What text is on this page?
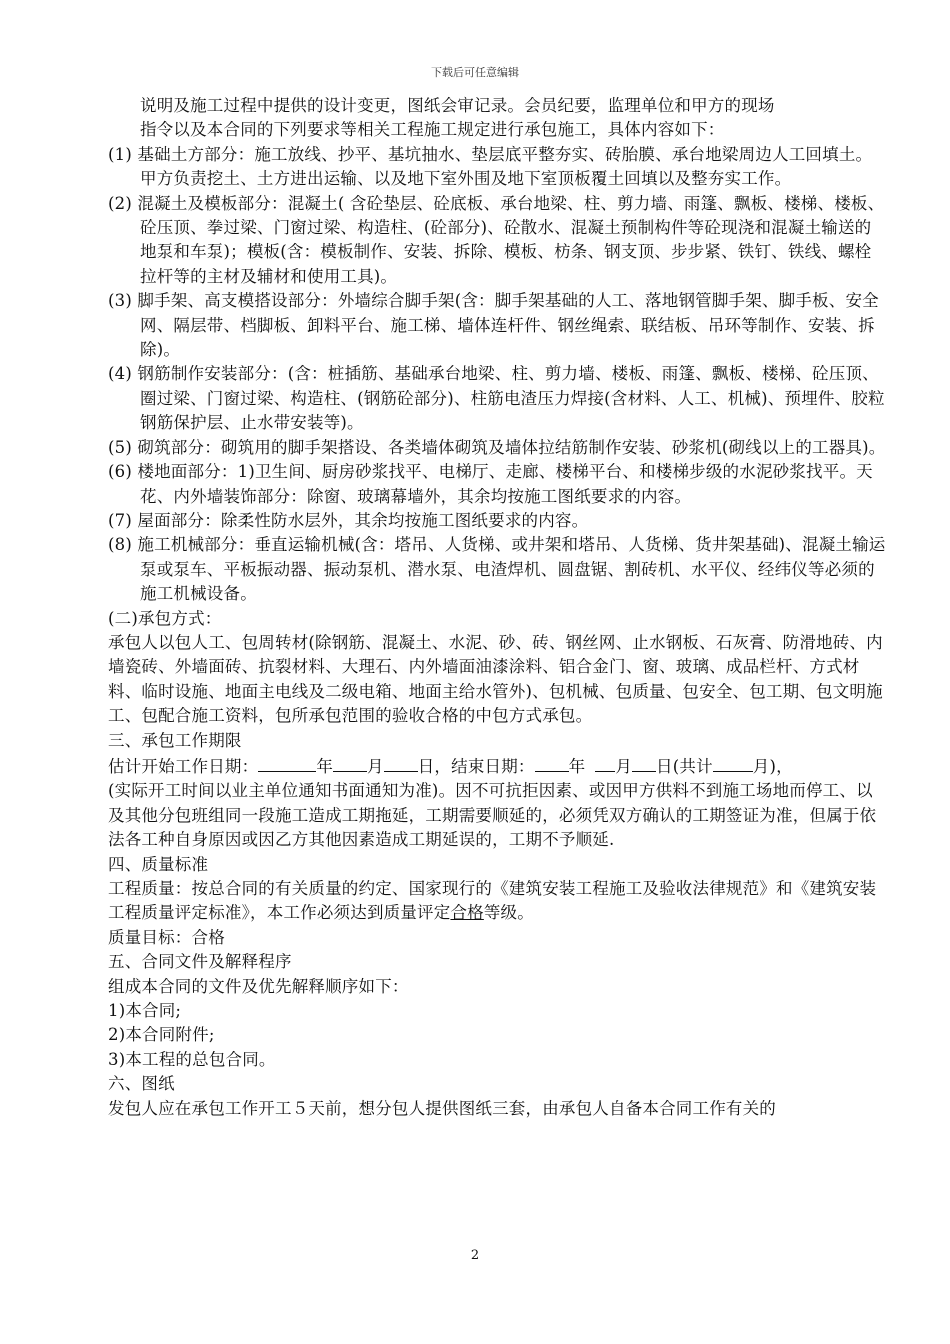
下载后可任意编辑

说明及施工过程中提供的设计变更，图纸会审记录。会员纪要，监理单位和甲方的现场

指令以及本合同的下列要求等相关工程施工规定进行承包施工，具体内容如下：

(1) 基础土方部分：施工放线、抄平、基坑抽水、垫层底平整夯实、砖胎膜、承台地梁周边人工回填土。甲方负责挖土、土方进出运输、以及地下室外围及地下室顶板覆土回填以及整夯实工作。

(2) 混凝土及模板部分：混凝土( 含砼垫层、砼底板、承台地梁、柱、剪力墙、雨篷、飘板、楼梯、楼板、砼压顶、拳过梁、门窗过梁、构造柱、(砼部分)、砼散水、混凝土预制构件等砼现浇和混凝土输送的地泵和车泵)；模板(含：模板制作、安装、拆除、模板、枋条、钢支顶、步步紧、铁钉、铁线、螺栓拉杆等的主材及辅材和使用工具)。

(3) 脚手架、高支模搭设部分：外墙综合脚手架(含：脚手架基础的人工、落地钢管脚手架、脚手板、安全网、隔层带、档脚板、卸料平台、施工梯、墙体连杆件、钢丝绳索、联结板、吊环等制作、安装、拆除)。

(4) 钢筋制作安装部分：(含：桩插筋、基础承台地梁、柱、剪力墙、楼板、雨篷、飘板、楼梯、砼压顶、圈过梁、门窗过梁、构造柱、(钢筋砼部分)、柱筋电渣压力焊接(含材料、人工、机械)、预埋件、胶粒钢筋保护层、止水带安装等)。

(5) 砌筑部分：砌筑用的脚手架搭设、各类墙体砌筑及墙体拉结筋制作安装、砂浆机(砌线以上的工器具)。

(6) 楼地面部分：1)卫生间、厨房砂浆找平、电梯厅、走廊、楼梯平台、和楼梯步级的水泥砂浆找平。天花、内外墙装饰部分：除窗、玻璃幕墙外，其余均按施工图纸要求的内容。

(7) 屋面部分：除柔性防水层外，其余均按施工图纸要求的内容。

(8) 施工机械部分：垂直运输机械(含：塔吊、人货梯、或井架和塔吊、人货梯、货井架基础)、混凝土输运泵或泵车、平板振动器、振动泵机、潜水泵、电渣焊机、圆盘锯、割砖机、水平仪、经纬仪等必须的施工机械设备。

(二)承包方式：

承包人以包人工、包周转材(除钢筋、混凝土、水泥、砂、砖、钢丝网、止水钢板、石灰膏、防滑地砖、内墙瓷砖、外墙面砖、抗裂材料、大理石、内外墙面油漆涂料、铝合金门、窗、玻璃、成品栏杆、方式材料、临时设施、地面主电线及二级电箱、地面主给水管外)、包机械、包质量、包安全、包工期、包文明施工、包配合施工资料，包所承包范围的验收合格的中包方式承包。

三、承包工作期限

估计开始工作日期：	年 月 日，结束日期： 年 月 日(共计 月)，

(实际开工时间以业主单位通知书面通知为准)。因不可抗拒因素、或因甲方供料不到施工场地而停工、以及其他分包班组同一段施工造成工期拖延，工期需要顺延的，必须凭双方确认的工期签证为准，但属于依法各工种自身原因或因乙方其他因素造成工期延误的，工期不予顺延.

四、质量标准

工程质量：按总合同的有关质量的约定、国家现行的《建筑安装工程施工及验收法律规范》和《建筑安装工程质量评定标准》，本工作必须达到质量评定合格等级。

质量目标：合格

五、合同文件及解释程序

组成本合同的文件及优先解释顺序如下：

1)本合同;

2)本合同附件;

3)本工程的总包合同。

六、图纸

发包人应在承包工作开工５天前，想分包人提供图纸三套，由承包人自备本合同工作有关的

2
